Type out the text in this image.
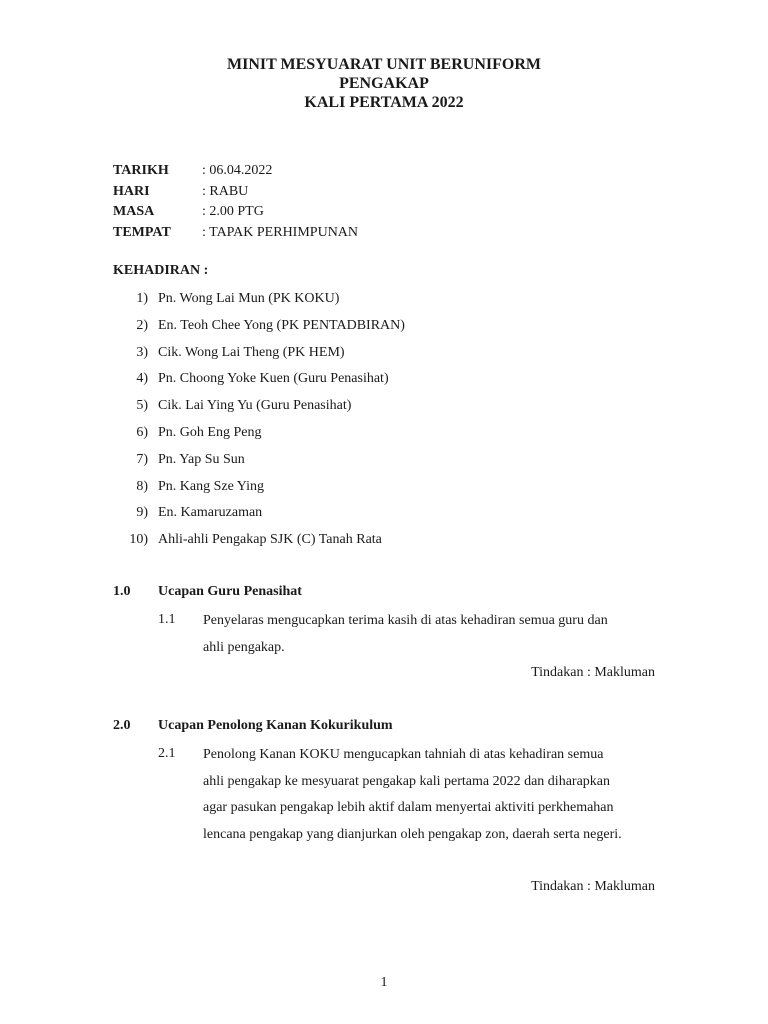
MINIT MESYUARAT UNIT BERUNIFORM
PENGAKAP
KALI PERTAMA 2022
TARIKH : 06.04.2022
HARI	: RABU
MASA	: 2.00 PTG
TEMPAT : TAPAK PERHIMPUNAN
KEHADIRAN :
1) Pn. Wong Lai Mun (PK KOKU)
2) En. Teoh Chee Yong (PK PENTADBIRAN)
3) Cik. Wong Lai Theng (PK HEM)
4) Pn. Choong Yoke Kuen (Guru Penasihat)
5) Cik. Lai Ying Yu (Guru Penasihat)
6) Pn. Goh Eng Peng
7) Pn. Yap Su Sun
8) Pn. Kang Sze Ying
9) En. Kamaruzaman
10) Ahli-ahli Pengakap SJK (C) Tanah Rata
1.0 Ucapan Guru Penasihat
1.1 Penyelaras mengucapkan terima kasih di atas kehadiran semua guru dan
ahli pengakap.
Tindakan : Makluman
2.0 Ucapan Penolong Kanan Kokurikulum
2.1 Penolong Kanan KOKU mengucapkan tahniah di atas kehadiran semua
ahli pengakap ke mesyuarat pengakap kali pertama 2022 dan diharapkan
agar pasukan pengakap lebih aktif dalam menyertai aktiviti perkhemahan
lencana pengakap yang dianjurkan oleh pengakap zon, daerah serta negeri.
Tindakan : Makluman
1
